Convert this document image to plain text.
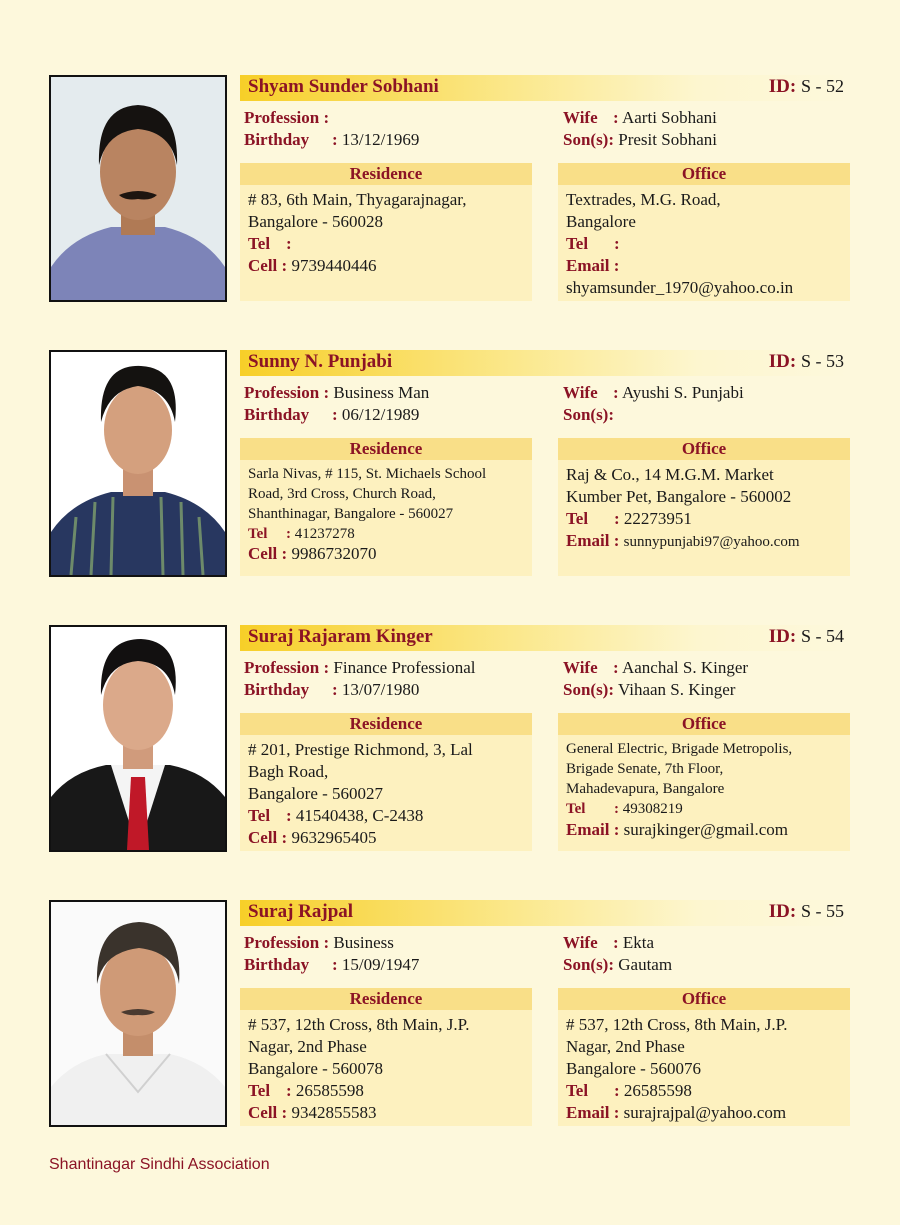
Shyam Sunder Sobhani	ID: S - 52
Profession :
Birthday : 13/12/1969
Wife : Aarti Sobhani
Son(s): Presit Sobhani
Residence
# 83, 6th Main, Thyagarajnagar,
Bangalore - 560028
Tel :
Cell : 9739440446
Office
Textrades, M.G. Road,
Bangalore
Tel :
Email :
shyamsunder_1970@yahoo.co.in
Sunny N. Punjabi	ID: S - 53
Profession : Business Man
Birthday : 06/12/1989
Wife : Ayushi S. Punjabi
Son(s):
Residence
Sarla Nivas, # 115, St. Michaels School
Road, 3rd Cross, Church Road,
Shanthinagar, Bangalore - 560027
Tel : 41237278
Cell : 9986732070
Office
Raj & Co., 14 M.G.M. Market
Kumber Pet, Bangalore - 560002
Tel : 22273951
Email : sunnypunjabi97@yahoo.com
Suraj Rajaram Kinger	ID: S - 54
Profession : Finance Professional
Birthday : 13/07/1980
Wife : Aanchal S. Kinger
Son(s): Vihaan S. Kinger
Residence
# 201, Prestige Richmond, 3, Lal
Bagh Road,
Bangalore - 560027
Tel : 41540438, C-2438
Cell : 9632965405
Office
General Electric, Brigade Metropolis,
Brigade Senate, 7th Floor,
Mahadevapura, Bangalore
Tel : 49308219
Email : surajkinger@gmail.com
Suraj Rajpal	ID: S - 55
Profession : Business
Birthday : 15/09/1947
Wife : Ekta
Son(s): Gautam
Residence
# 537, 12th Cross, 8th Main, J.P.
Nagar, 2nd Phase
Bangalore - 560078
Tel : 26585598
Cell : 9342855583
Office
# 537, 12th Cross, 8th Main, J.P.
Nagar, 2nd Phase
Bangalore - 560076
Tel : 26585598
Email : surajrajpal@yahoo.com
Shantinagar Sindhi Association
